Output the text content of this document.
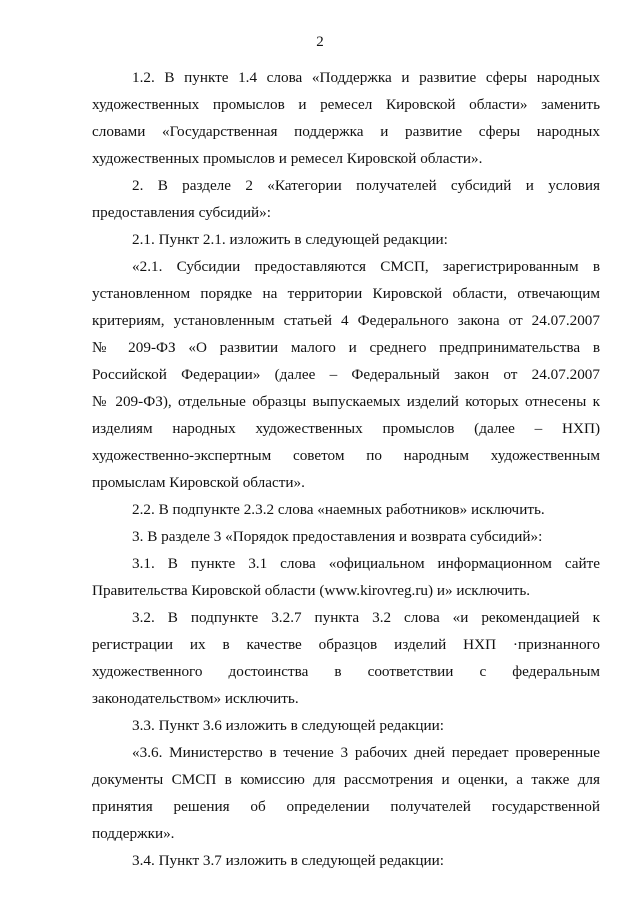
2
1.2. В пункте 1.4 слова «Поддержка и развитие сферы народных
художественных промыслов и ремесел Кировской области» заменить
словами «Государственная поддержка и развитие сферы народных
художественных промыслов и ремесел Кировской области».
2. В разделе 2 «Категории получателей субсидий и условия
предоставления субсидий»:
2.1. Пункт 2.1. изложить в следующей редакции:
«2.1. Субсидии предоставляются СМСП, зарегистрированным в
установленном порядке на территории Кировской области, отвечающим
критериям, установленным статьей 4 Федерального закона от 24.07.2007
№ 209-ФЗ «О развитии малого и среднего предпринимательства в
Российской Федерации» (далее – Федеральный закон от 24.07.2007
№ 209-ФЗ), отдельные образцы выпускаемых изделий которых отнесены к
изделиям народных художественных промыслов (далее – НХП)
художественно-экспертным советом по народным художественным
промыслам Кировской области».
2.2. В подпункте 2.3.2 слова «наемных работников» исключить.
3. В разделе 3 «Порядок предоставления и возврата субсидий»:
3.1. В пункте 3.1 слова «официальном информационном сайте
Правительства Кировской области (www.kirovreg.ru) и» исключить.
3.2. В подпункте 3.2.7 пункта 3.2 слова «и рекомендацией к
регистрации их в качестве образцов изделий НХП ·признанного
художественного достоинства в соответствии с федеральным
законодательством» исключить.
3.3. Пункт 3.6 изложить в следующей редакции:
«3.6. Министерство в течение 3 рабочих дней передает проверенные
документы СМСП в комиссию для рассмотрения и оценки, а также для
принятия решения об определении получателей государственной
поддержки».
3.4. Пункт 3.7 изложить в следующей редакции:
